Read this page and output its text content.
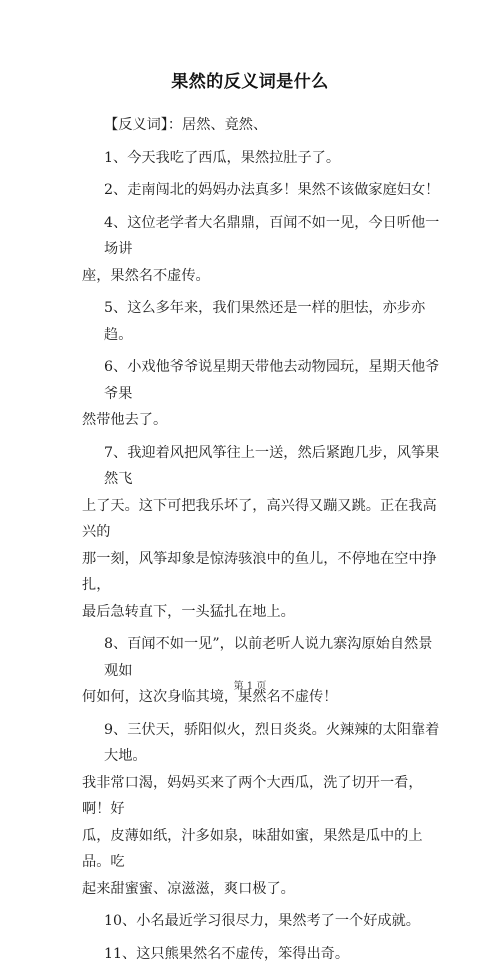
果然的反义词是什么
【反义词】：居然、竟然、
1、今天我吃了西瓜，果然拉肚子了。
2、走南闯北的妈妈办法真多！果然不该做家庭妇女！
4、这位老学者大名鼎鼎，百闻不如一见，今日听他一场讲
座，果然名不虚传。
5、这么多年来，我们果然还是一样的胆怯，亦步亦趋。
6、小戏他爷爷说星期天带他去动物园玩，星期天他爷爷果
然带他去了。
7、我迎着风把风筝往上一送，然后紧跑几步，风筝果然飞
上了天。这下可把我乐坏了，高兴得又蹦又跳。正在我高兴的
那一刻，风筝却象是惊涛骇浪中的鱼儿，不停地在空中挣扎，
最后急转直下，一头猛扎在地上。
8、百闻不如一见”，以前老听人说九寨沟原始自然景观如
何如何，这次身临其境，果然名不虚传！
9、三伏天，骄阳似火，烈日炎炎。火辣辣的太阳靠着大地。
我非常口渴，妈妈买来了两个大西瓜，洗了切开一看，啊！好
瓜，皮薄如纸，汁多如泉，味甜如蜜，果然是瓜中的上品。吃
起来甜蜜蜜、凉滋滋，爽口极了。
10、小名最近学习很尽力，果然考了一个好成就。
11、这只熊果然名不虚传，笨得出奇。
第 1 页
